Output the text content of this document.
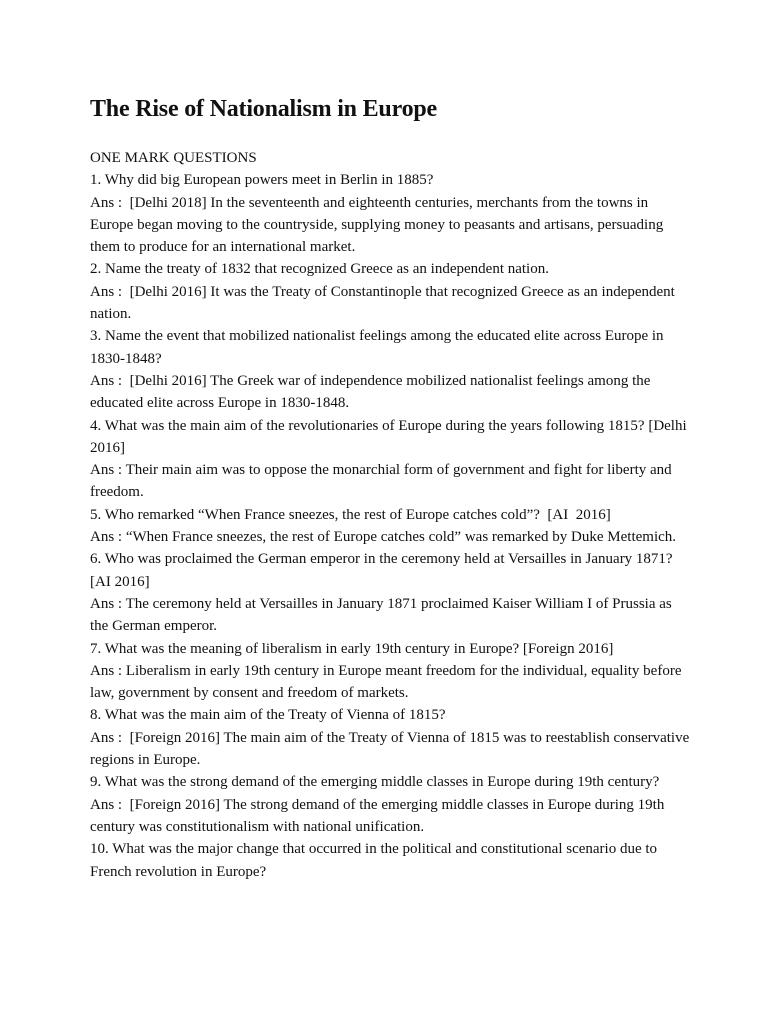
The Rise of Nationalism in Europe

ONE MARK QUESTIONS

1. Why did big European powers meet in Berlin in 1885?

Ans :  [Delhi 2018] In the seventeenth and eighteenth centuries, merchants from the towns in Europe began moving to the countryside, supplying money to peasants and artisans, persuading them to produce for an international market.

2. Name the treaty of 1832 that recognized Greece as an independent nation.

Ans :  [Delhi 2016] It was the Treaty of Constantinople that recognized Greece as an independent nation.

3. Name the event that mobilized nationalist feelings among the educated elite across Europe in 1830-1848?

Ans :  [Delhi 2016] The Greek war of independence mobilized nationalist feelings among the educated elite across Europe in 1830-1848.

4. What was the main aim of the revolutionaries of Europe during the years following 1815? [Delhi 2016]

Ans : Their main aim was to oppose the monarchial form of government and fight for liberty and freedom.

5. Who remarked “When France sneezes, the rest of Europe catches cold”?  [AI  2016]

Ans : “When France sneezes, the rest of Europe catches cold” was remarked by Duke Mettemich.

6. Who was proclaimed the German emperor in the ceremony held at Versailles in January 1871? [AI 2016]

Ans : The ceremony held at Versailles in January 1871 proclaimed Kaiser William I of Prussia as the German emperor.

7. What was the meaning of liberalism in early 19th century in Europe? [Foreign 2016]

Ans : Liberalism in early 19th century in Europe meant freedom for the individual, equality before law, government by consent and freedom of markets.

8. What was the main aim of the Treaty of Vienna of 1815?

Ans :  [Foreign 2016] The main aim of the Treaty of Vienna of 1815 was to reestablish conservative regions in Europe.

9. What was the strong demand of the emerging middle classes in Europe during 19th century?

Ans :  [Foreign 2016] The strong demand of the emerging middle classes in Europe during 19th century was constitutionalism with national unification.

10. What was the major change that occurred in the political and constitutional scenario due to French revolution in Europe?
